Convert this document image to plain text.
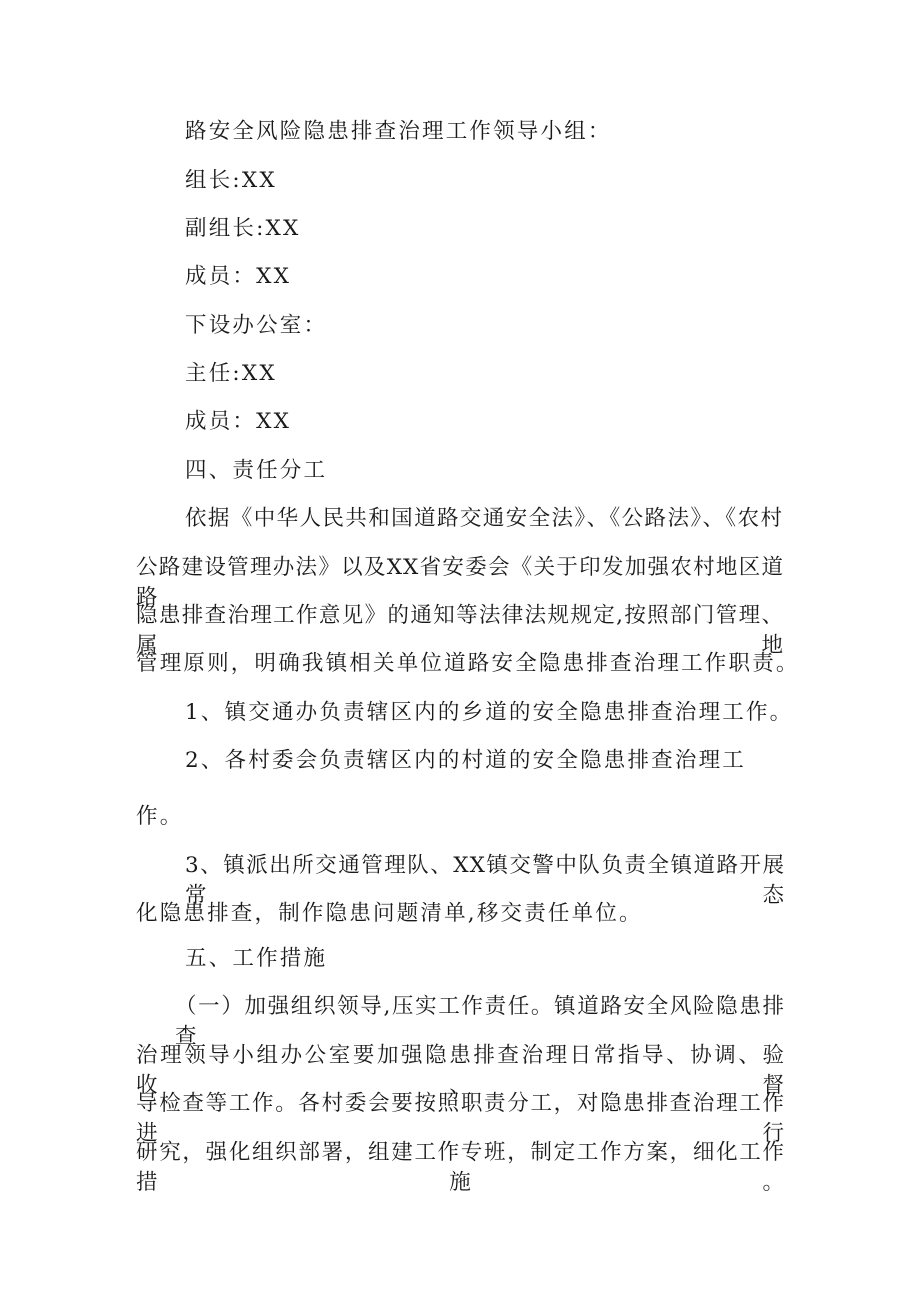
路安全风险隐患排查治理工作领导小组：
组长:XX
副组长:XX
成员：XX
下设办公室：
主任:XX
成员：XX
四、责任分工
依据《中华人民共和国道路交通安全法》、《公路法》、《农村
公路建设管理办法》以及XX省安委会《关于印发加强农村地区道路
隐患排查治理工作意见》的通知等法律法规规定,按照部门管理、属地
管理原则，明确我镇相关单位道路安全隐患排查治理工作职责。
1、镇交通办负责辖区内的乡道的安全隐患排查治理工作。
2、各村委会负责辖区内的村道的安全隐患排查治理工
作。
3、镇派出所交通管理队、XX镇交警中队负责全镇道路开展常态
化隐患排查，制作隐患问题清单,移交责任单位。
五、工作措施
（一）加强组织领导,压实工作责任。镇道路安全风险隐患排查
治理领导小组办公室要加强隐患排查治理日常指导、协调、验收、督
导检查等工作。各村委会要按照职责分工，对隐患排查治理工作进行
研究，强化组织部署，组建工作专班，制定工作方案，细化工作措施。
